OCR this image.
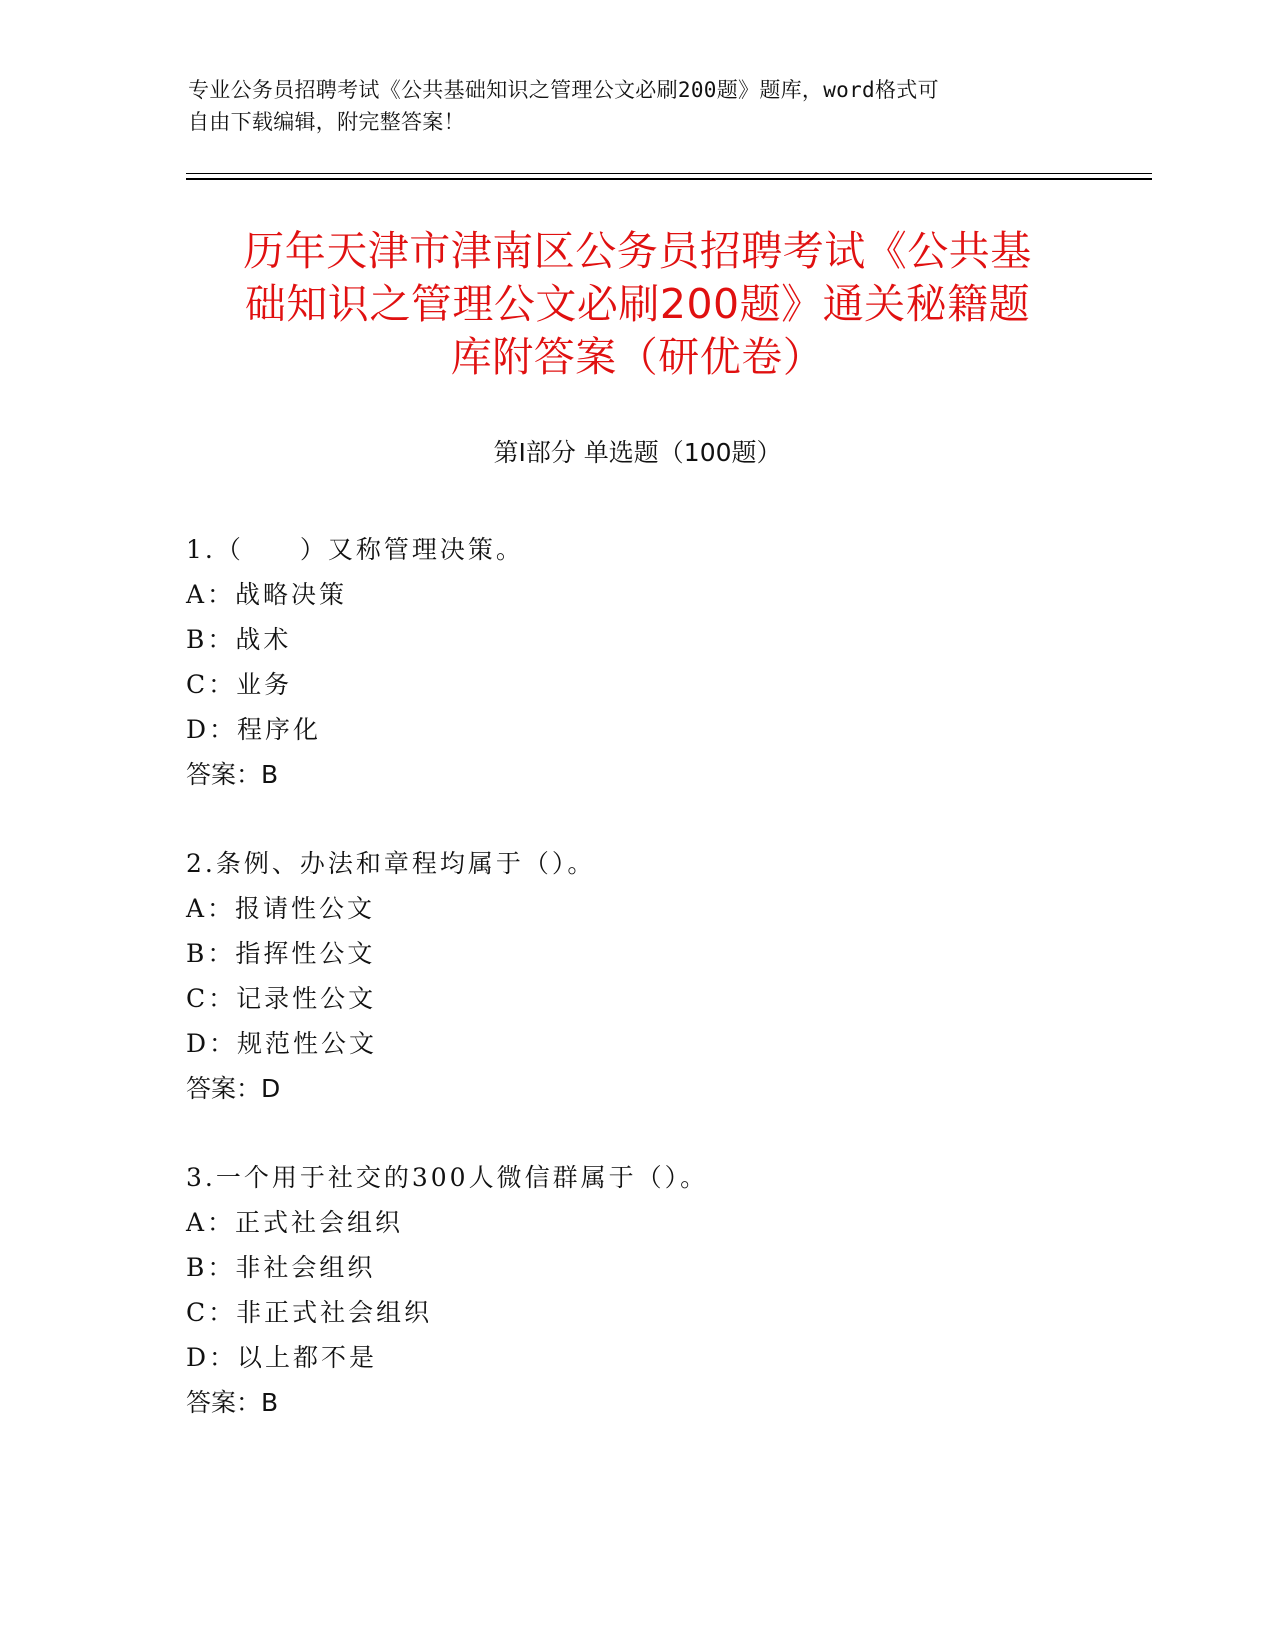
专业公务员招聘考试《公共基础知识之管理公文必刷200题》题库，word格式可
自由下载编辑，附完整答案！
历年天津市津南区公务员招聘考试《公共基
础知识之管理公文必刷200题》通关秘籍题
库附答案（研优卷）
第Ⅰ部分 单选题（100题）
1.（　　）又称管理决策。
A：战略决策
B：战术
C：业务
D：程序化
答案：B
2.条例、办法和章程均属于（）。
A：报请性公文
B：指挥性公文
C：记录性公文
D：规范性公文
答案：D
3.一个用于社交的300人微信群属于（）。
A：正式社会组织
B：非社会组织
C：非正式社会组织
D：以上都不是
答案：B
